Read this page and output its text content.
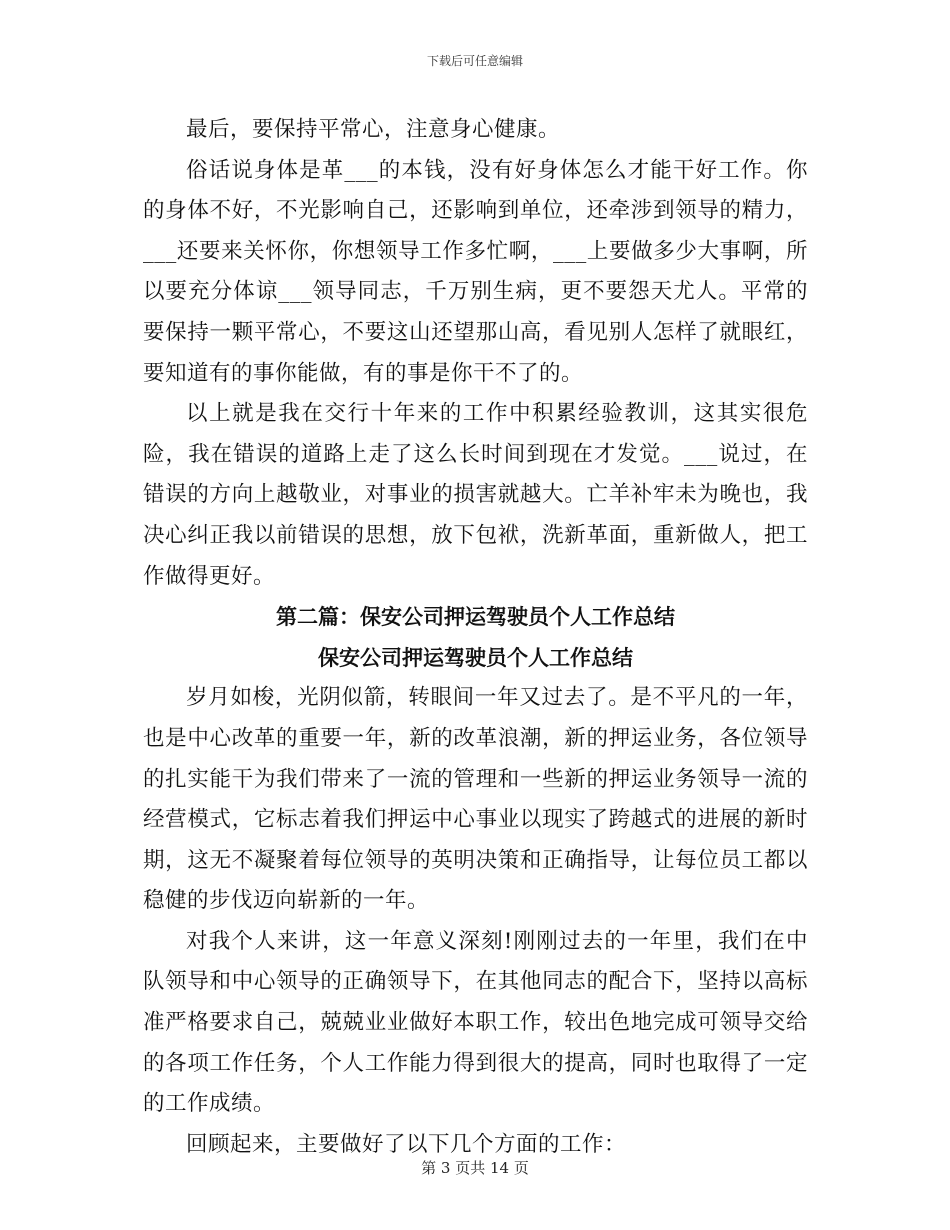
下载后可任意编辑

最后，要保持平常心，注意身心健康。

俗话说身体是革___的本钱，没有好身体怎么才能干好工作。你的身体不好，不光影响自己，还影响到单位，还牵涉到领导的精力，___还要来关怀你，你想领导工作多忙啊，___上要做多少大事啊，所以要充分体谅___领导同志，千万别生病，更不要怨天尤人。平常的要保持一颗平常心，不要这山还望那山高，看见别人怎样了就眼红，要知道有的事你能做，有的事是你干不了的。

以上就是我在交行十年来的工作中积累经验教训，这其实很危险，我在错误的道路上走了这么长时间到现在才发觉。___说过，在错误的方向上越敬业，对事业的损害就越大。亡羊补牢未为晚也，我决心纠正我以前错误的思想，放下包袱，洗新革面，重新做人，把工作做得更好。

第二篇：保安公司押运驾驶员个人工作总结

保安公司押运驾驶员个人工作总结

岁月如梭，光阴似箭，转眼间一年又过去了。是不平凡的一年，也是中心改革的重要一年，新的改革浪潮，新的押运业务，各位领导的扎实能干为我们带来了一流的管理和一些新的押运业务领导一流的经营模式，它标志着我们押运中心事业以现实了跨越式的进展的新时期，这无不凝聚着每位领导的英明决策和正确指导，让每位员工都以稳健的步伐迈向崭新的一年。

对我个人来讲，这一年意义深刻!刚刚过去的一年里，我们在中队领导和中心领导的正确领导下，在其他同志的配合下，坚持以高标准严格要求自己，兢兢业业做好本职工作，较出色地完成可领导交给的各项工作任务，个人工作能力得到很大的提高，同时也取得了一定的工作成绩。

回顾起来，主要做好了以下几个方面的工作：

第 3 页共 14 页
